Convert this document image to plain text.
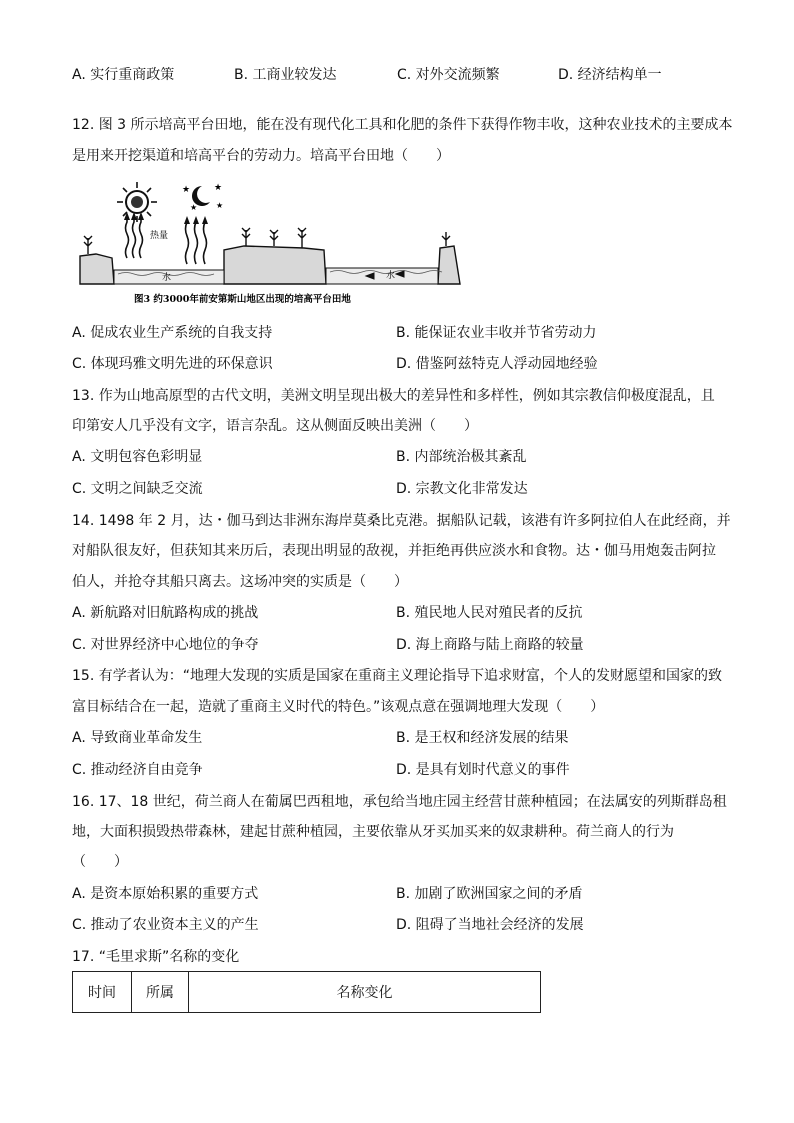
A. 实行重商政策	B. 工商业较发达	C. 对外交流频繁	D. 经济结构单一
12. 图 3 所示培高平台田地，能在没有现代化工具和化肥的条件下获得作物丰收，这种农业技术的主要成本
是用来开挖渠道和培高平台的劳动力。培高平台田地（　　）
★	★
★ ★
热量
水	水
图3 约3000年前安第斯山地区出现的培高平台田地
A. 促成农业生产系统的自我支持	B. 能保证农业丰收并节省劳动力
C. 体现玛雅文明先进的环保意识	D. 借鉴阿兹特克人浮动园地经验
13. 作为山地高原型的古代文明，美洲文明呈现出极大的差异性和多样性，例如其宗教信仰极度混乱，且
印第安人几乎没有文字，语言杂乱。这从侧面反映出美洲（　　）
A. 文明包容色彩明显	B. 内部统治极其紊乱
C. 文明之间缺乏交流	D. 宗教文化非常发达
14. 1498 年 2 月，达・伽马到达非洲东海岸莫桑比克港。据船队记载，该港有许多阿拉伯人在此经商，并
对船队很友好，但获知其来历后，表现出明显的敌视，并拒绝再供应淡水和食物。达・伽马用炮轰击阿拉
伯人，并抢夺其船只离去。这场冲突的实质是（　　）
A. 新航路对旧航路构成的挑战	B. 殖民地人民对殖民者的反抗
C. 对世界经济中心地位的争夺	D. 海上商路与陆上商路的较量
15. 有学者认为：“地理大发现的实质是国家在重商主义理论指导下追求财富，个人的发财愿望和国家的致
富目标结合在一起，造就了重商主义时代的特色。”该观点意在强调地理大发现（　　）
A. 导致商业革命发生	B. 是王权和经济发展的结果
C. 推动经济自由竞争	D. 是具有划时代意义的事件
16. 17、18 世纪，荷兰商人在葡属巴西租地，承包给当地庄园主经营甘蔗种植园；在法属安的列斯群岛租
地，大面积损毁热带森林，建起甘蔗种植园，主要依靠从牙买加买来的奴隶耕种。荷兰商人的行为
（　　）
A. 是资本原始积累的重要方式	B. 加剧了欧洲国家之间的矛盾
C. 推动了农业资本主义的产生	D. 阻碍了当地社会经济的发展
17. “毛里求斯”名称的变化
时间	所属	名称变化
